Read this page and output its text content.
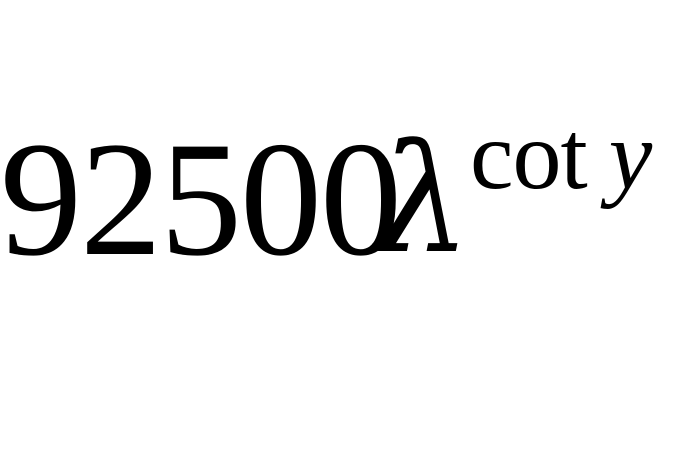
92500
λ
cot y
